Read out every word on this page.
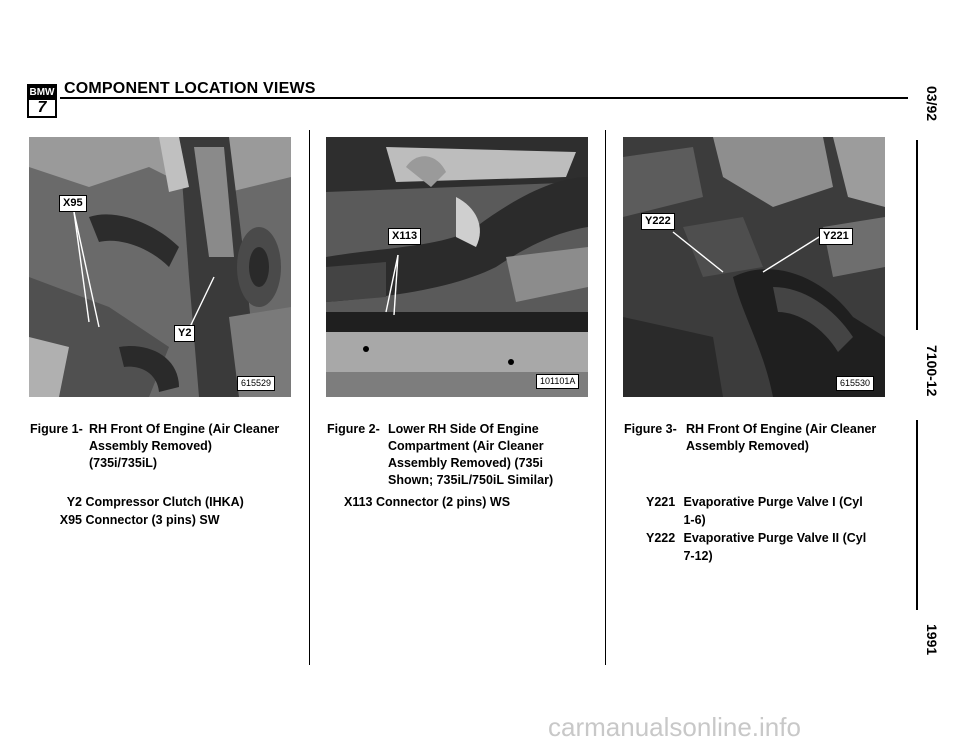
BMW
7
COMPONENT LOCATION VIEWS	03/92
7100-12
1991
X95
Y2
615529
X113
101101A
Y222
Y221
615530
Figure 1- RH Front Of Engine (Air Cleaner
Assembly Removed)
(735i/735iL)
Y2 Compressor Clutch (IHKA)
X95 Connector (3 pins) SW
Figure 2- Lower RH Side Of Engine
Compartment (Air Cleaner
Assembly Removed) (735i
Shown; 735iL/750iL Similar)
X113 Connector (2 pins) WS
Figure 3- RH Front Of Engine (Air Cleaner
Assembly Removed)
Y221 Evaporative Purge Valve I (Cyl
1-6)
Y222 Evaporative Purge Valve II (Cyl
7-12)
carmanualsonline.info
